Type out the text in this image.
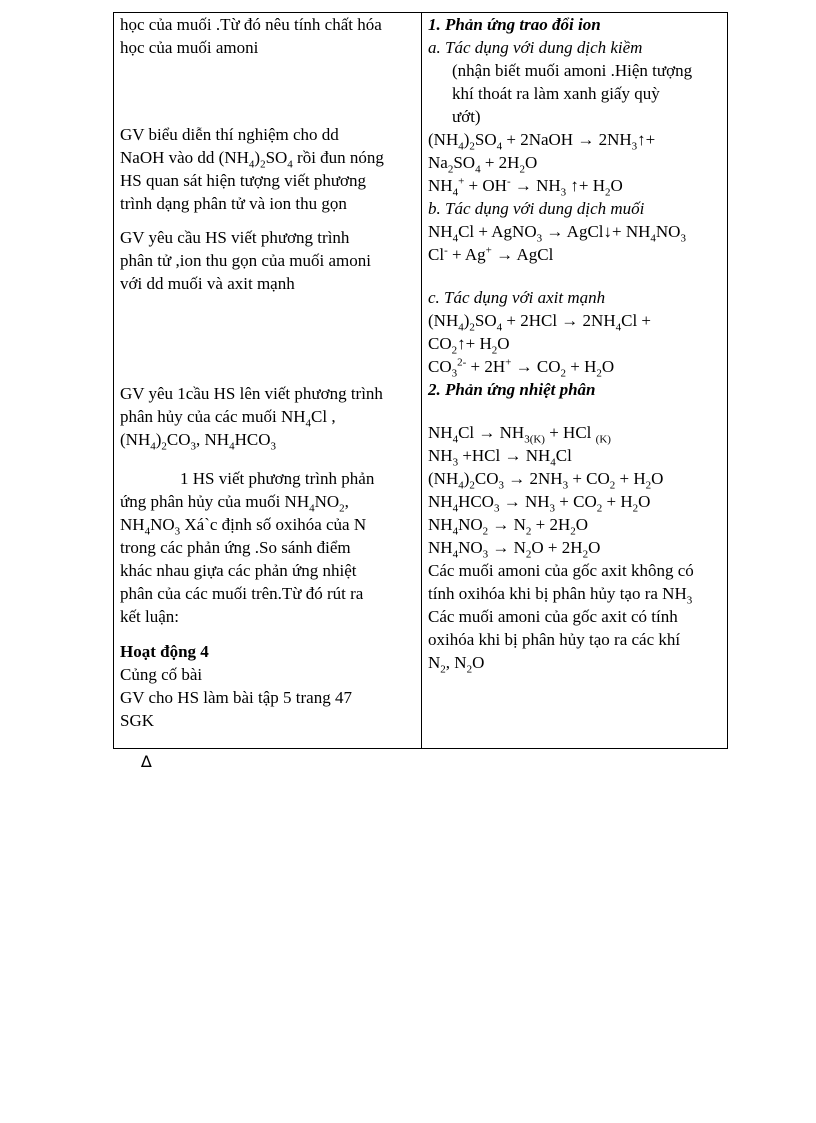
học của muối .Từ đó nêu tính chất hóa
học của muối amoni
GV biểu diễn thí nghiệm cho dd
NaOH vào dd $(NH_4)_2SO_4$ rồi đun nóng
HS quan sát hiện tượng viết phương
trình dạng phân tử và ion thu gọn
GV yêu cầu HS viết phương trình
phân tử ,ion thu gọn của muối amoni
với dd muối và axit mạnh
GV yêu 1cầu HS lên viết phương trình
phân hủy của các muối $NH_4Cl$ ,
$(NH_4)_2CO_3$, $NH_4HCO_3$
1 HS viết phương trình phản
ứng phân hủy của muối $NH_4NO_2$,
$NH_4NO_3$ Xá`c định số oxihóa của N
trong các phản ứng .So sánh điểm
khác nhau giựa các phản ứng nhiệt
phân của các muối trên.Từ đó rút ra
kết luận:
Hoạt động 4
Củng cố bài
GV cho HS làm bài tập 5 trang 47
SGK

1. Phản ứng trao đổi ion
a. Tác dụng với dung dịch kiềm
(nhận biết muối amoni .Hiện tượng
khí thoát ra làm xanh giấy quỳ
ướt)
$(NH_4)_2SO_4$ + 2NaOH → $2NH_3↑+$
$Na_2SO_4 + 2H_2O$
$NH_4^+ + OH^- \to NH_3$ ↑+ $H_2O$
b. Tác dụng với dung dịch muối
$NH_4Cl$ + AgNO$_3$ → AgCl↓+ $NH_4NO_3$
Cl- + Ag+ → AgCl
c. Tác dụng với axit mạnh
$(NH_4)_2SO_4 + 2HCl \to 2NH_4Cl$ +
$CO_2↑+ H_2O$
$CO_3^{2-} + 2H^+ \to CO_2 + H_2O$
2. Phản ứng nhiệt phân
$NH_4Cl \to NH_{3(K)}$ + HCl $_{(K)}$
$NH_3 +HCl \to NH_4Cl$
$(NH_4)_2CO_3 \to 2NH_3 + CO_2 + H_2O$
$NH_4HCO_3 \to NH_3 + CO_2 + H_2O$
$NH_4NO_2 \to N_2 + 2H_2O$
$NH_4NO_3 \to N_2O + 2H_2O$
Các muối amoni của gốc axit không có
tính oxihóa khi bị phân hủy tạo ra $NH_3$
Các muối amoni của gốc axit có tính
oxihóa khi bị phân hủy tạo ra các khí
$N_2$, $N_2O$
∆
